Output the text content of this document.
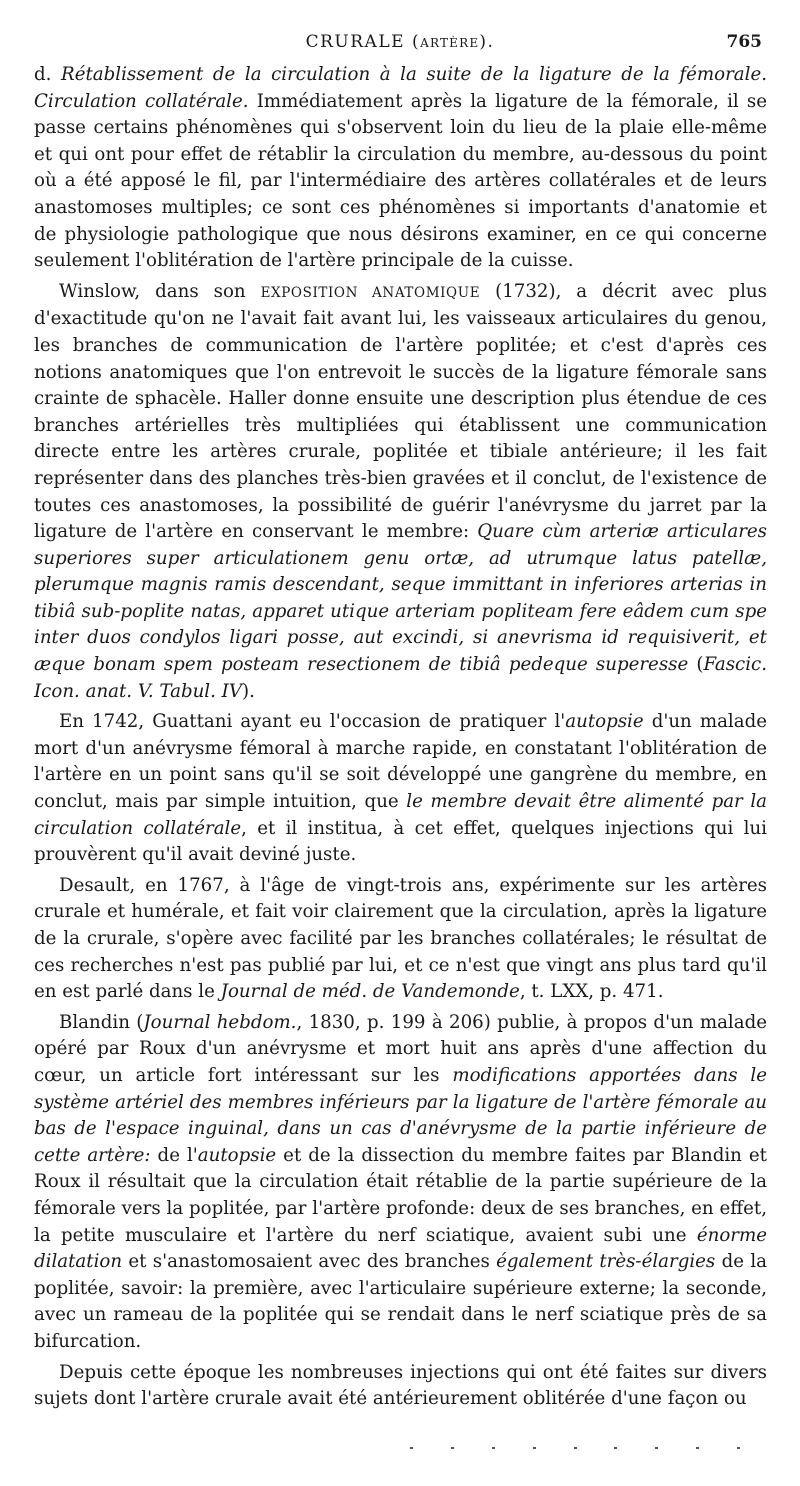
CRURALE (ARTÈRE).	765

d. Rétablissement de la circulation à la suite de la ligature de la fémorale. Circulation collatérale. Immédiatement après la ligature de la fémorale, il se passe certains phénomènes qui s'observent loin du lieu de la plaie elle-même et qui ont pour effet de rétablir la circulation du membre, au-dessous du point où a été apposé le fil, par l'intermédiaire des artères collatérales et de leurs anastomoses multiples; ce sont ces phénomènes si importants d'anatomie et de physiologie pathologique que nous désirons examiner, en ce qui concerne seulement l'oblitération de l'artère principale de la cuisse.

Winslow, dans son EXPOSITION ANATOMIQUE (1732), a décrit avec plus d'exactitude qu'on ne l'avait fait avant lui, les vaisseaux articulaires du genou, les branches de communication de l'artère poplitée; et c'est d'après ces notions anatomiques que l'on entrevoit le succès de la ligature fémorale sans crainte de sphacèle. Haller donne ensuite une description plus étendue de ces branches artérielles très multipliées qui établissent une communication directe entre les artères crurale, poplitée et tibiale antérieure; il les fait représenter dans des planches très-bien gravées et il conclut, de l'existence de toutes ces anastomoses, la possibilité de guérir l'anévrysme du jarret par la ligature de l'artère en conservant le membre: Quare cùm arteriæ articulares superiores super articulationem genu ortæ, ad utrumque latus patellæ, plerumque magnis ramis descendant, seque immittant in inferiores arterias in tibiâ sub-poplite natas, apparet utique arteriam popliteam fere eâdem cum spe inter duos condylos ligari posse, aut excindi, si anevrisma id requisiverit, et æque bonam spem posteam resectionem de tibiâ pedeque superesse (Fascic. Icon. anat. V. Tabul. IV).

En 1742, Guattani ayant eu l'occasion de pratiquer l'autopsie d'un malade mort d'un anévrysme fémoral à marche rapide, en constatant l'oblitération de l'artère en un point sans qu'il se soit développé une gangrène du membre, en conclut, mais par simple intuition, que le membre devait être alimenté par la circulation collatérale, et il institua, à cet effet, quelques injections qui lui prouvèrent qu'il avait deviné juste.

Desault, en 1767, à l'âge de vingt-trois ans, expérimente sur les artères crurale et humérale, et fait voir clairement que la circulation, après la ligature de la crurale, s'opère avec facilité par les branches collatérales; le résultat de ces recherches n'est pas publié par lui, et ce n'est que vingt ans plus tard qu'il en est parlé dans le Journal de méd. de Vandemonde, t. LXX, p. 471.

Blandin (Journal hebdom., 1830, p. 199 à 206) publie, à propos d'un malade opéré par Roux d'un anévrysme et mort huit ans après d'une affection du cœur, un article fort intéressant sur les modifications apportées dans le système artériel des membres inférieurs par la ligature de l'artère fémorale au bas de l'espace inguinal, dans un cas d'anévrysme de la partie inférieure de cette artère: de l'autopsie et de la dissection du membre faites par Blandin et Roux il résultait que la circulation était rétablie de la partie supérieure de la fémorale vers la poplitée, par l'artère profonde: deux de ses branches, en effet, la petite musculaire et l'artère du nerf sciatique, avaient subi une énorme dilatation et s'anastomosaient avec des branches également très-élargies de la poplitée, savoir: la première, avec l'articulaire supérieure externe; la seconde, avec un rameau de la poplitée qui se rendait dans le nerf sciatique près de sa bifurcation.

Depuis cette époque les nombreuses injections qui ont été faites sur divers sujets dont l'artère crurale avait été antérieurement oblitérée d'une façon ou
